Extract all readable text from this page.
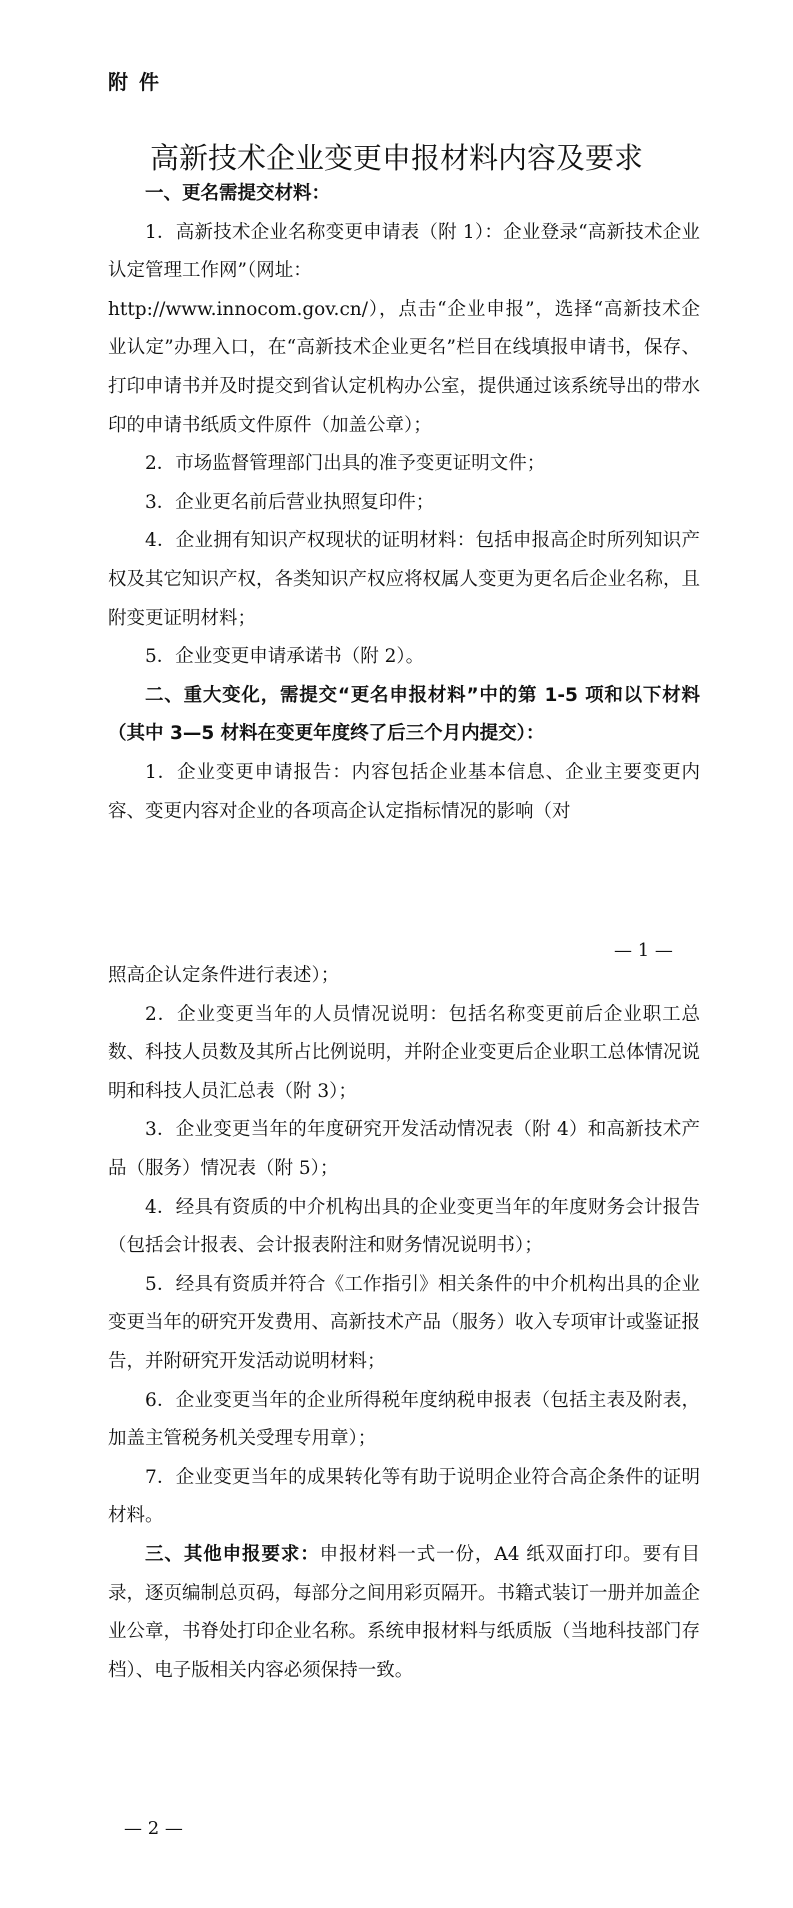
附 件
高新技术企业变更申报材料内容及要求

一、更名需提交材料：

1．高新技术企业名称变更申请表（附 1）：企业登录“高新技术企业认定管理工作网”（网址：

http://www.innocom.gov.cn/），点击“企业申报”，选择“高新技术企业认定”办理入口，在“高新技术企业更名”栏目在线填报申请书，保存、打印申请书并及时提交到省认定机构办公室，提供通过该系统导出的带水印的申请书纸质文件原件（加盖公章）；

2．市场监督管理部门出具的准予变更证明文件；

3．企业更名前后营业执照复印件；

4．企业拥有知识产权现状的证明材料：包括申报高企时所列知识产权及其它知识产权，各类知识产权应将权属人变更为更名后企业名称，且附变更证明材料；

5．企业变更申请承诺书（附 2）。

二、重大变化，需提交“更名申报材料”中的第 1-5 项和以下材料（其中 3—5 材料在变更年度终了后三个月内提交）：

1．企业变更申请报告：内容包括企业基本信息、企业主要变更内容、变更内容对企业的各项高企认定指标情况的影响（对

— 1 —

照高企认定条件进行表述）；

2．企业变更当年的人员情况说明：包括名称变更前后企业职工总数、科技人员数及其所占比例说明，并附企业变更后企业职工总体情况说明和科技人员汇总表（附 3）；

3．企业变更当年的年度研究开发活动情况表（附 4）和高新技术产品（服务）情况表（附 5）；

4．经具有资质的中介机构出具的企业变更当年的年度财务会计报告（包括会计报表、会计报表附注和财务情况说明书）；

5．经具有资质并符合《工作指引》相关条件的中介机构出具的企业变更当年的研究开发费用、高新技术产品（服务）收入专项审计或鉴证报告，并附研究开发活动说明材料；

6．企业变更当年的企业所得税年度纳税申报表（包括主表及附表，加盖主管税务机关受理专用章）；

7．企业变更当年的成果转化等有助于说明企业符合高企条件的证明材料。

三、其他申报要求：申报材料一式一份，A4 纸双面打印。要有目录，逐页编制总页码，每部分之间用彩页隔开。书籍式装订一册并加盖企业公章，书脊处打印企业名称。系统申报材料与纸质版（当地科技部门存档）、电子版相关内容必须保持一致。

— 2 —
